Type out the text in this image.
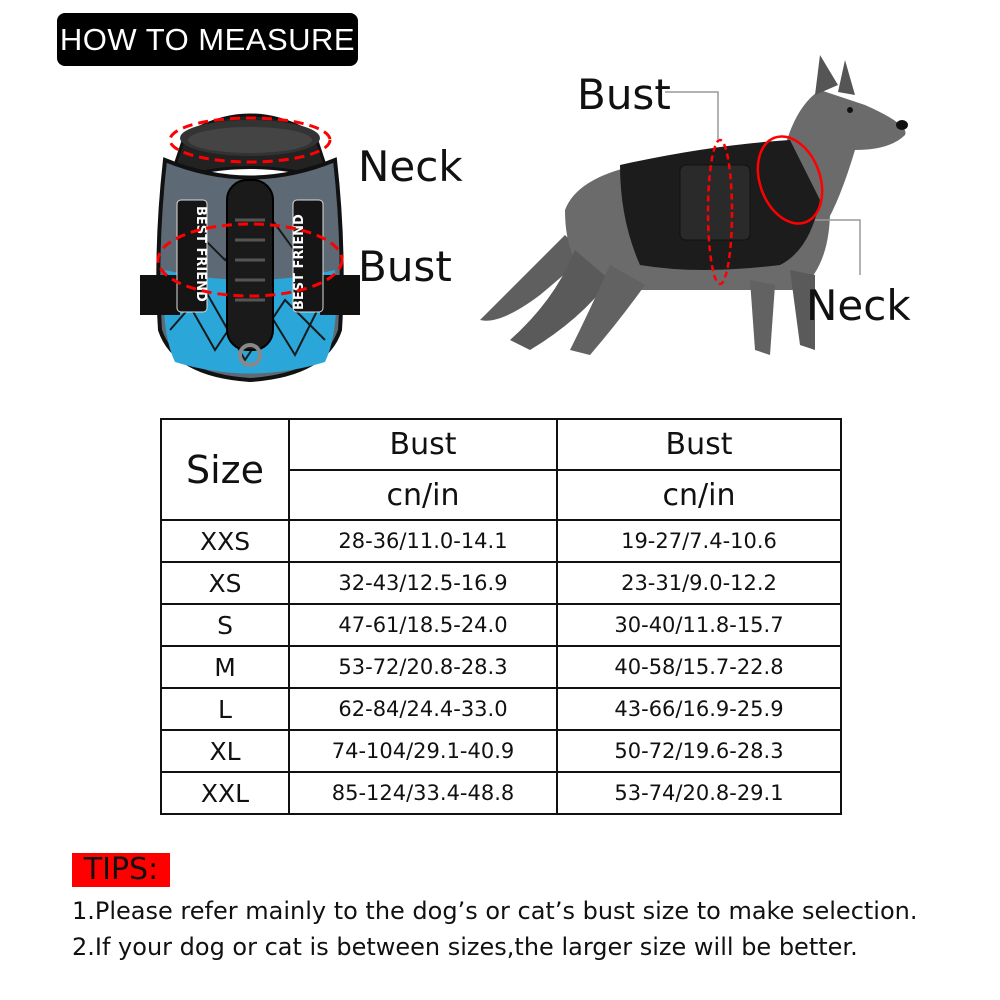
HOW TO MEASURE
BEST FRIEND	BEST FRIEND
Neck
Bust
Bust
Neck
Size	Bust	Bust
	cn/in	cn/in
XXS	28-36/11.0-14.1	19-27/7.4-10.6
XS	32-43/12.5-16.9	23-31/9.0-12.2
S	47-61/18.5-24.0	30-40/11.8-15.7
M	53-72/20.8-28.3	40-58/15.7-22.8
L	62-84/24.4-33.0	43-66/16.9-25.9
XL	74-104/29.1-40.9	50-72/19.6-28.3
XXL	85-124/33.4-48.8	53-74/20.8-29.1
TIPS:
1.Please refer mainly to the dog’s or cat’s bust size to make selection.
2.If your dog or cat is between sizes,the larger size will be better.
